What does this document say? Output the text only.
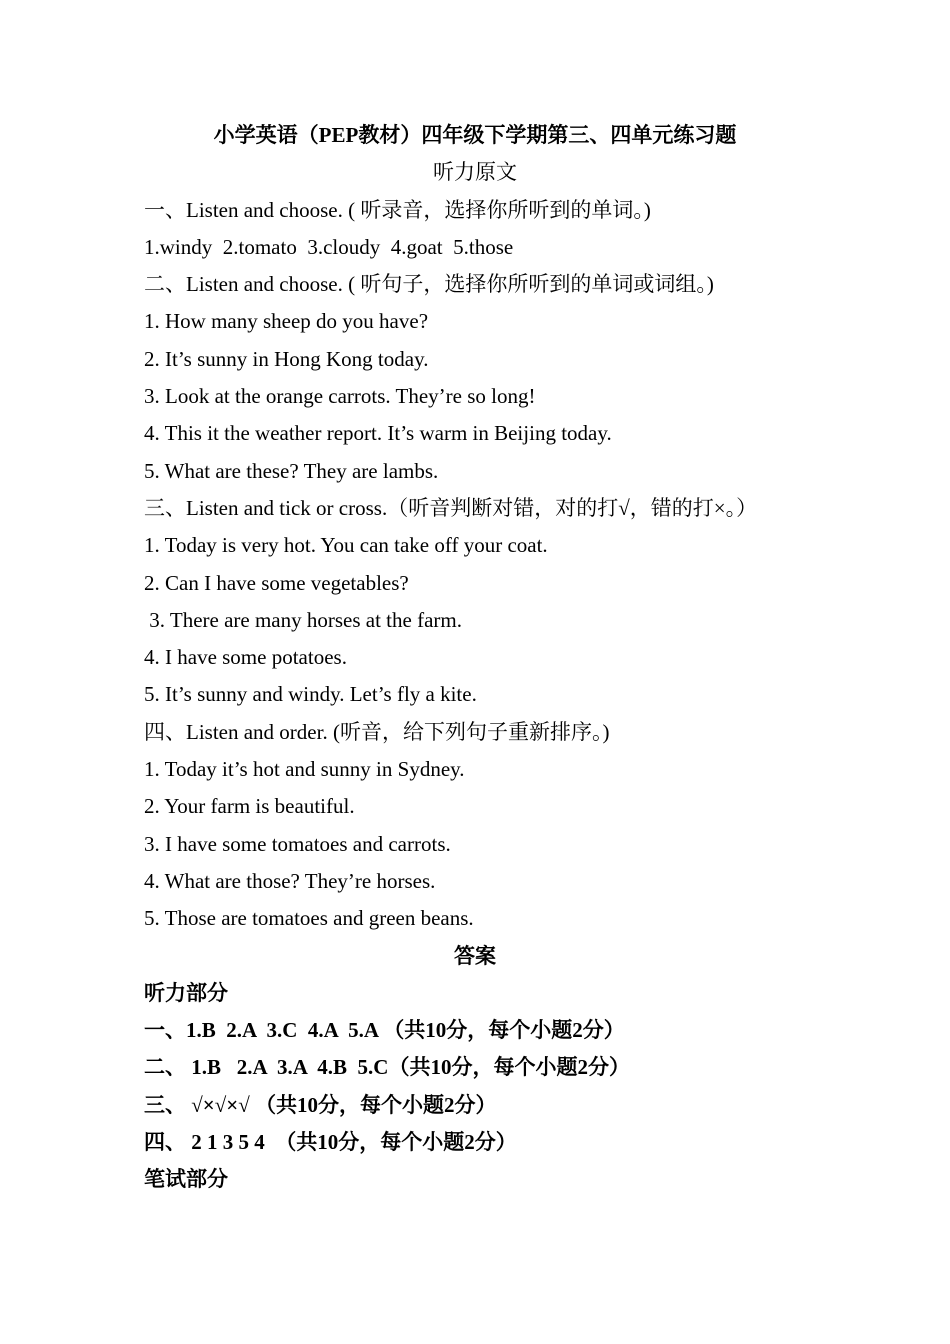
小学英语（PEP教材）四年级下学期第三、四单元练习题
听力原文
一、Listen and choose. ( 听录音，选择你所听到的单词。)
1.windy  2.tomato  3.cloudy  4.goat  5.those
二、Listen and choose. ( 听句子，选择你所听到的单词或词组。)
1. How many sheep do you have?
2. It’s sunny in Hong Kong today.
3. Look at the orange carrots. They’re so long!
4. This it the weather report. It’s warm in Beijing today.
5. What are these? They are lambs.
三、Listen and tick or cross.（听音判断对错，对的打√，错的打×。）
1. Today is very hot. You can take off your coat.
2. Can I have some vegetables?
3. There are many horses at the farm.
4. I have some potatoes.
5. It’s sunny and windy. Let’s fly a kite.
四、Listen and order. (听音，给下列句子重新排序。)
1. Today it’s hot and sunny in Sydney.
2. Your farm is beautiful.
3. I have some tomatoes and carrots.
4. What are those? They’re horses.
5. Those are tomatoes and green beans.
答案
听力部分
一、1.B  2.A  3.C  4.A  5.A （共10分，每个小题2分）
二、 1.B   2.A  3.A  4.B  5.C（共10分，每个小题2分）
三、 √×√×√ （共10分，每个小题2分）
四、 2 1 3 5 4  （共10分，每个小题2分）
笔试部分
